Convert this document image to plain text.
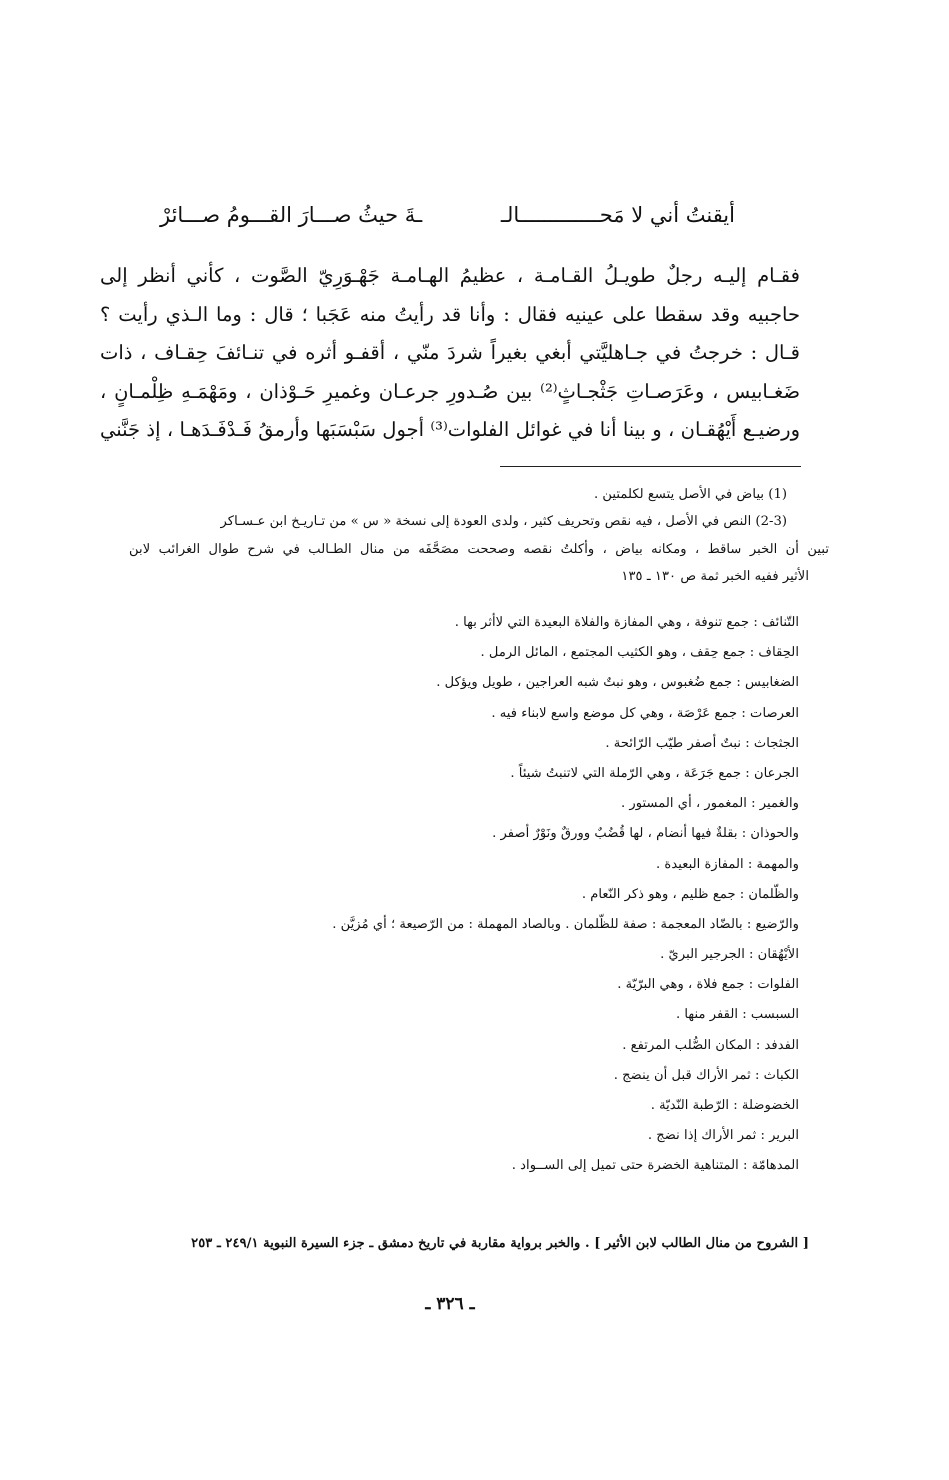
أيقنتُ أني لا مَحـــــــــــــالـ
ـةَ حيثُ صـــارَ القـــومُ صـــائرْ
فقـام إليـه رجلٌ طويـلُ القـامـة ، عظيمُ الهـامـة جَهْـوَرِيّ الصَّوت ، كأني أنظر إلى
حاجبيه وقد سقطا على عينيه فقال : وأنا قد رأيتُ منه عَجَبا ؛ قال : وما الـذي رأيت ؟
قـال : خرجتُ في جـاهليَّتي أبغي بغيراً شردَ منّي ، أقفـو أثره في تنـائفَ حِقـاف ، ذات
ضَغـابيس ، وعَرَصـاتِ جَثْجـاثٍ⁽²⁾ بين صُـدورِ جرعـان وغميرِ حَـوْذان ، ومَهْمَـهِ ظِلْمـانٍ ،
ورضيـع أَيْهُقـان ، و بينا أنا في غوائل الفلوات⁽³⁾ أجول سَبْسَبَها وأرمقُ فَـدْفَـدَهـا ، إذ جَنَّني
(1) بياض في الأصل يتسع لكلمتين .
(2-3) النص في الأصل ، فيه نقص وتحريف كثير ، ولدى العودة إلى نسخة « س » من تـاريـخ ابن عـسـاكر
تبين أن الخبر ساقط ، ومكانه بياض ، وأكلتُ نقصه وصححت مصَحَّفَه من منال الطـالب في شرح طوال الغرائب لابن
الأثير ففيه الخبر ثمة ص ١٣٠ ـ ١٣٥
التّنائف : جمع تنوفة ، وهي المفازة والفلاة البعيدة التي لاأثر بها .
الحِقاف : جمع حِقف ، وهو الكثيب المجتمع ، المائل الرمل .
الضغابيس : جمع ضُغبوس ، وهو نبتٌ شبه العراجين ، طويل ويؤكل .
العرصات : جمع عَرْصَة ، وهي كل موضع واسع لابناء فيه .
الجثجاث : نبتٌ أصفر طيّب الرّائحة .
الجرعان : جمع جَرَعَة ، وهي الرّملة التي لاتنبتُ شيئاً .
والغمير : المغمور ، أي المستور .
والحوذان : بقلةٌ فيها أنضام ، لها قُضُبٌ وورقٌ ونَوْرٌ أصفر .
والمهمة : المفازة البعيدة .
والظّلمان : جمع ظليم ، وهو ذكر النّعام .
والرّضيع : بالضّاد المعجمة : صفة للظّلمان . وبالصاد المهملة : من الرّصيعة ؛ أي مُزيَّن .
الأيْهُقان : الجرجير البريّ .
الفلوات : جمع فلاة ، وهي البرّيّة .
السبسب : القفر منها .
الفدفد : المكان الصُّلب المرتفع .
الكباث : ثمر الأراك قبل أن ينضج .
الخضوضلة : الرّطبة النّديّة .
البرير : ثمر الأراك إذا نضج .
المدهامّة : المتناهية الخضرة حتى تميل إلى الســواد .
[ الشروح من منال الطالب لابن الأثير ] . والخبر برواية مقاربة في تاريخ دمشق ـ جزء السيرة النبوية ٢٤٩/١ ـ ٢٥٣
ـ ٣٢٦ ـ
